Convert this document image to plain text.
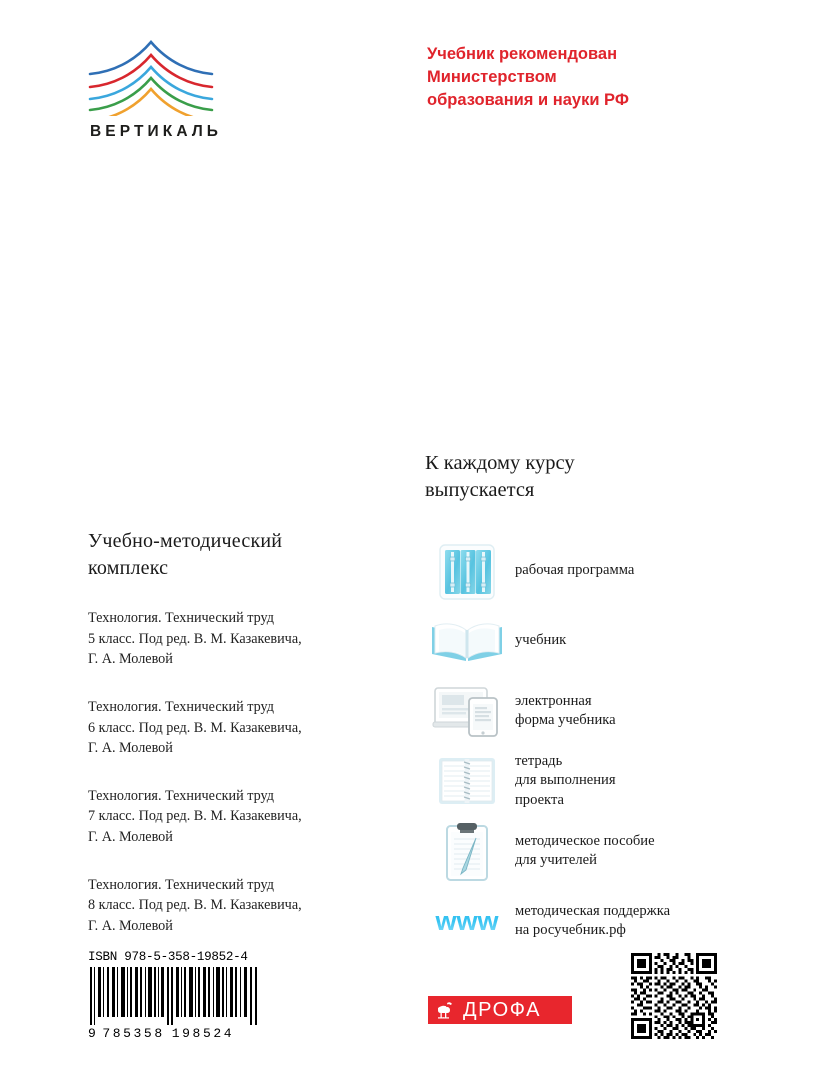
ВЕРТИКАЛЬ
Учебник рекомендован
Министерством
образования и науки РФ
Учебно-методический
комплекс
Технология. Технический труд
5 класс. Под ред. В. М. Казакевича,
Г. А. Молевой
Технология. Технический труд
6 класс. Под ред. В. М. Казакевича,
Г. А. Молевой
Технология. Технический труд
7 класс. Под ред. В. М. Казакевича,
Г. А. Молевой
Технология. Технический труд
8 класс. Под ред. В. М. Казакевича,
Г. А. Молевой
К каждому курсу
выпускается
рабочая программа
учебник
электронная
форма учебника
тетрадь
для выполнения
проекта
методическое пособие
для учителей
www методическая поддержка
на росучебник.рф
ISBN 978-5-358-19852-4
9 785358 198524
ДРОФА
